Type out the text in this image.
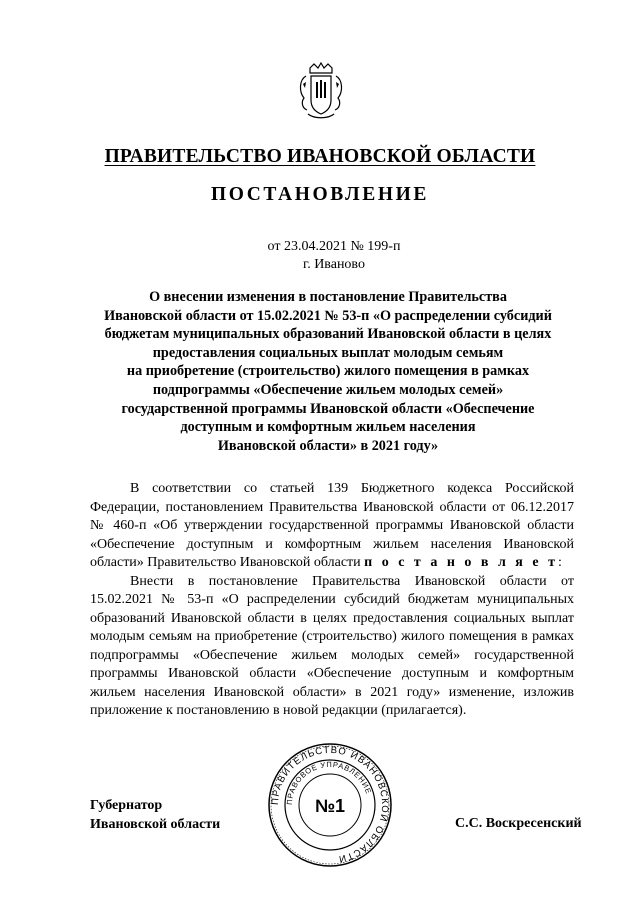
ПРАВИТЕЛЬСТВО ИВАНОВСКОЙ ОБЛАСТИ
ПОСТАНОВЛЕНИЕ
от 23.04.2021 № 199-п
г. Иваново
О внесении изменения в постановление Правительства
Ивановской области от 15.02.2021 № 53-п «О распределении субсидий
бюджетам муниципальных образований Ивановской области в целях
предоставления социальных выплат молодым семьям
на приобретение (строительство) жилого помещения в рамках
подпрограммы «Обеспечение жильем молодых семей»
государственной программы Ивановской области «Обеспечение
доступным и комфортным жильем населения
Ивановской области» в 2021 году»

В соответствии со статьей 139 Бюджетного кодекса Российской Федерации, постановлением Правительства Ивановской области от 06.12.2017 № 460-п «Об утверждении государственной программы Ивановской области «Обеспечение доступным и комфортным жильем населения Ивановской области» Правительство Ивановской области п о с т а н о в л я е т:

Внести в постановление Правительства Ивановской области от 15.02.2021 № 53-п «О распределении субсидий бюджетам муниципальных образований Ивановской области в целях предоставления социальных выплат молодым семьям на приобретение (строительство) жилого помещения в рамках подпрограммы «Обеспечение жильем молодых семей» государственной программы Ивановской области «Обеспечение доступным и комфортным жильем населения Ивановской области» в 2021 году» изменение, изложив приложение к постановлению в новой редакции (прилагается).

Губернатор
Ивановской области
ПРАВИТЕЛЬСТВО ИВАНОВСКОЙ ОБЛАСТИ
ПРАВОВОЕ УПРАВЛЕНИЕ
№1
С.С. Воскресенский
